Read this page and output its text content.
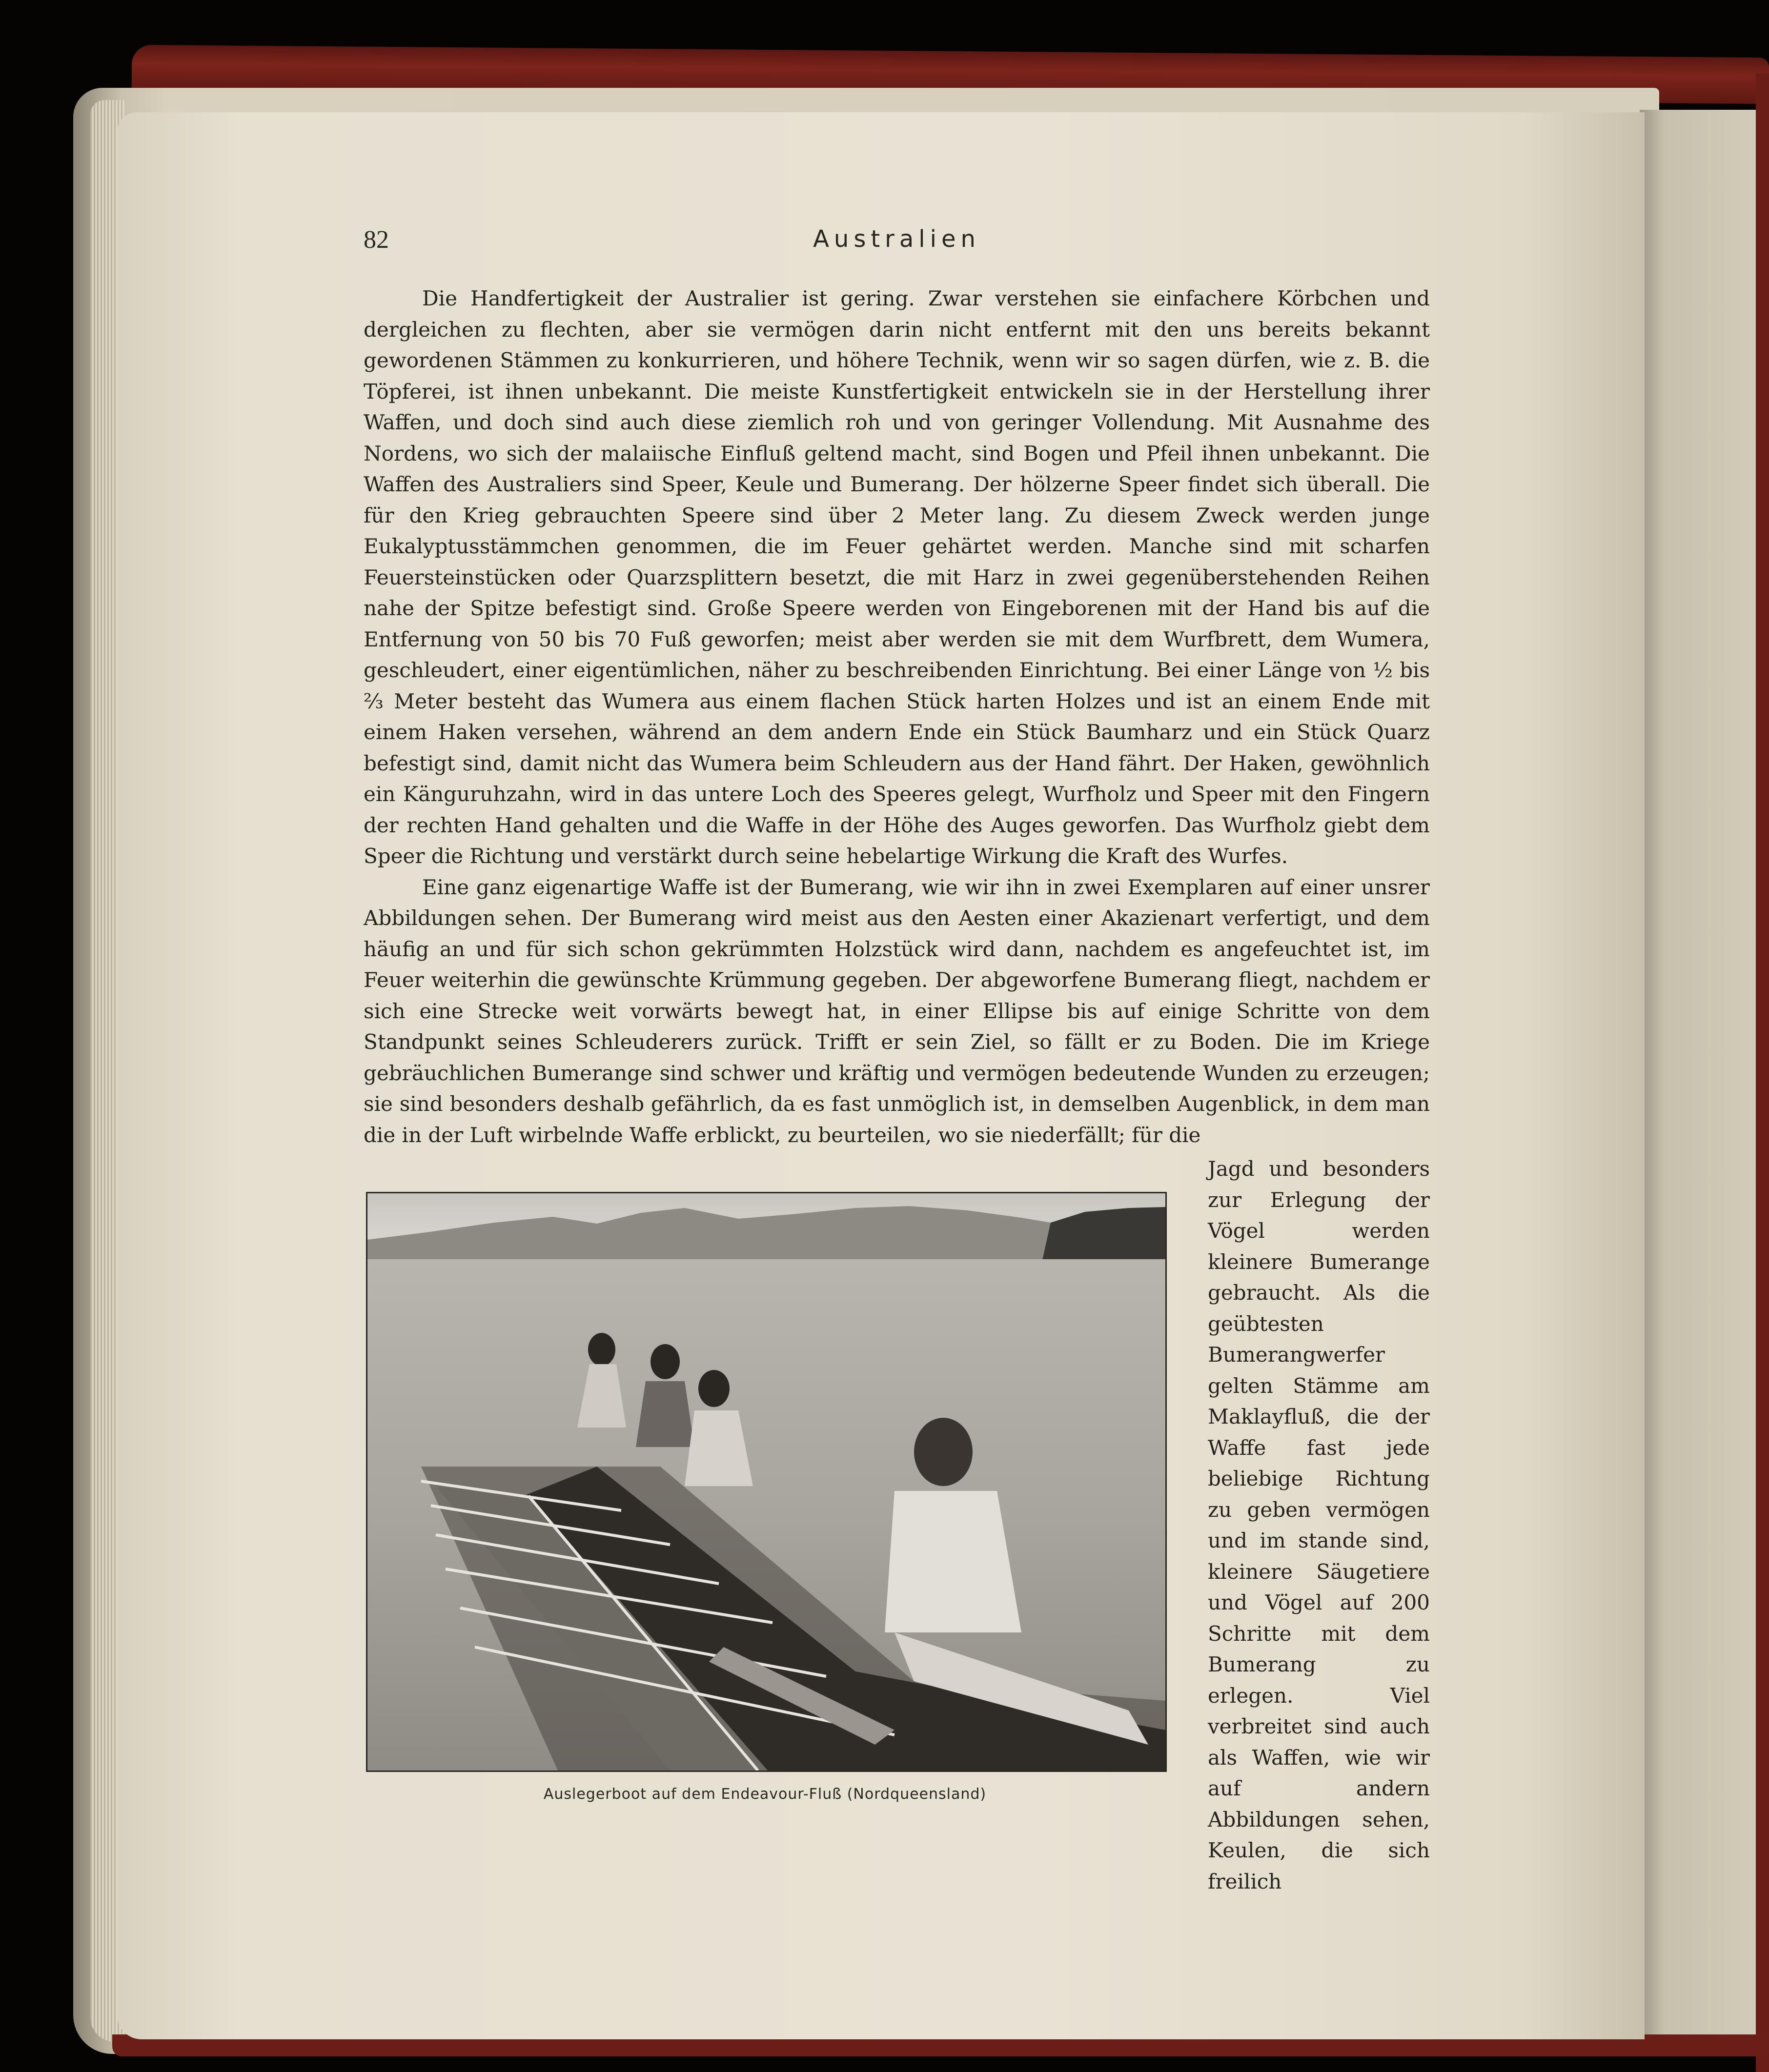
82	Australien

Die Handfertigkeit der Australier ist gering. Zwar verstehen sie einfachere Körbchen und dergleichen zu flechten, aber sie vermögen darin nicht entfernt mit den uns bereits bekannt gewordenen Stämmen zu konkurrieren, und höhere Technik, wenn wir so sagen dürfen, wie z. B. die Töpferei, ist ihnen unbekannt. Die meiste Kunstfertigkeit entwickeln sie in der Herstellung ihrer Waffen, und doch sind auch diese ziemlich roh und von geringer Vollendung. Mit Ausnahme des Nordens, wo sich der malaiische Einfluß geltend macht, sind Bogen und Pfeil ihnen unbekannt. Die Waffen des Australiers sind Speer, Keule und Bumerang. Der hölzerne Speer findet sich überall. Die für den Krieg gebrauchten Speere sind über 2 Meter lang. Zu diesem Zweck werden junge Eukalyptusstämmchen genommen, die im Feuer gehärtet werden. Manche sind mit scharfen Feuersteinstücken oder Quarzsplittern besetzt, die mit Harz in zwei gegenüberstehenden Reihen nahe der Spitze befestigt sind. Große Speere werden von Eingeborenen mit der Hand bis auf die Entfernung von 50 bis 70 Fuß geworfen; meist aber werden sie mit dem Wurfbrett, dem Wumera, geschleudert, einer eigentümlichen, näher zu beschreibenden Einrichtung. Bei einer Länge von ½ bis ⅔ Meter besteht das Wumera aus einem flachen Stück harten Holzes und ist an einem Ende mit einem Haken versehen, während an dem andern Ende ein Stück Baumharz und ein Stück Quarz befestigt sind, damit nicht das Wumera beim Schleudern aus der Hand fährt. Der Haken, gewöhnlich ein Känguruhzahn, wird in das untere Loch des Speeres gelegt, Wurfholz und Speer mit den Fingern der rechten Hand gehalten und die Waffe in der Höhe des Auges geworfen. Das Wurfholz giebt dem Speer die Richtung und verstärkt durch seine hebelartige Wirkung die Kraft des Wurfes.

Eine ganz eigenartige Waffe ist der Bumerang, wie wir ihn in zwei Exemplaren auf einer unsrer Abbildungen sehen. Der Bumerang wird meist aus den Aesten einer Akazienart verfertigt, und dem häufig an und für sich schon gekrümmten Holzstück wird dann, nachdem es angefeuchtet ist, im Feuer weiterhin die gewünschte Krümmung gegeben. Der abgeworfene Bumerang fliegt, nachdem er sich eine Strecke weit vorwärts bewegt hat, in einer Ellipse bis auf einige Schritte von dem Standpunkt seines Schleuderers zurück. Trifft er sein Ziel, so fällt er zu Boden. Die im Kriege gebräuchlichen Bumerange sind schwer und kräftig und vermögen bedeutende Wunden zu erzeugen; sie sind besonders deshalb gefährlich, da es fast unmöglich ist, in demselben Augenblick, in dem man die in der Luft wirbelnde Waffe erblickt, zu beurteilen, wo sie niederfällt; für die

Jagd und besonders zur Erlegung der Vögel werden kleinere Bumerange gebraucht. Als die geübtesten Bumerangwerfer gelten Stämme am Maklayfluß, die der Waffe fast jede beliebige Richtung zu geben vermögen und im stande sind, kleinere Säugetiere und Vögel auf 200 Schritte mit dem Bumerang zu erlegen. Viel verbreitet sind auch als Waffen, wie wir auf andern Abbildungen sehen, Keulen, die sich freilich

Auslegerboot auf dem Endeavour-Fluß (Nordqueensland)
